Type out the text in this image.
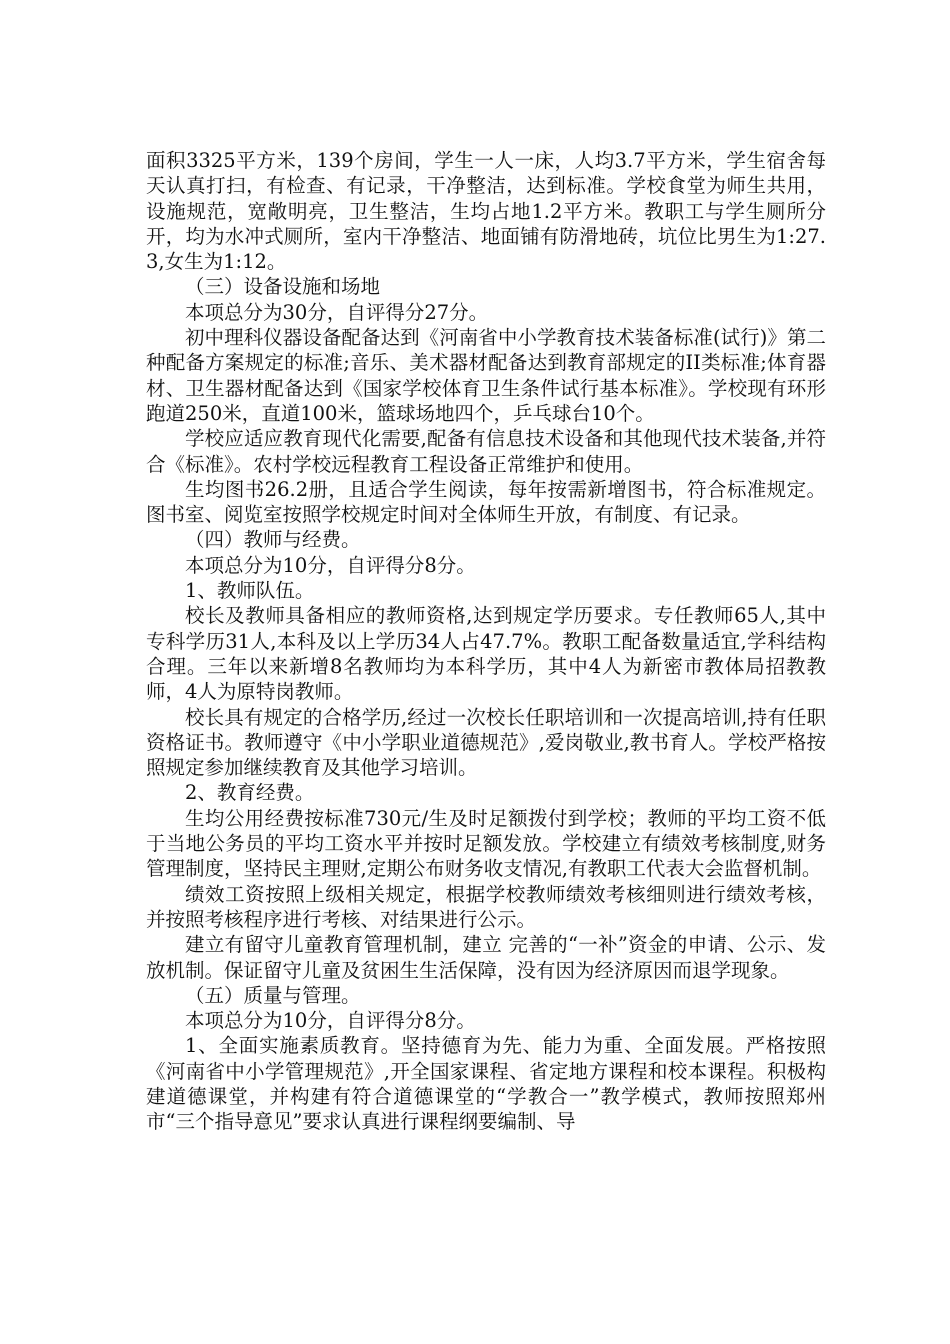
面积3325平方米，139个房间，学生一人一床，人均3.7平方米，学生宿舍每天认真打扫，有检查、有记录，干净整洁，达到标准。学校食堂为师生共用，设施规范，宽敞明亮，卫生整洁，生均占地1.2平方米。教职工与学生厕所分开，均为水冲式厕所，室内干净整洁、地面铺有防滑地砖，坑位比男生为1:27.3,女生为1:12。

（三）设备设施和场地

本项总分为30分，自评得分27分。

初中理科仪器设备配备达到《河南省中小学教育技术装备标准(试行)》第二种配备方案规定的标准;音乐、美术器材配备达到教育部规定的II类标准;体育器材、卫生器材配备达到《国家学校体育卫生条件试行基本标准》。学校现有环形跑道250米，直道100米，篮球场地四个，乒乓球台10个。

学校应适应教育现代化需要,配备有信息技术设备和其他现代技术装备,并符合《标准》。农村学校远程教育工程设备正常维护和使用。

生均图书26.2册，且适合学生阅读，每年按需新增图书，符合标准规定。图书室、阅览室按照学校规定时间对全体师生开放，有制度、有记录。

（四）教师与经费。

本项总分为10分，自评得分8分。

1、教师队伍。

校长及教师具备相应的教师资格,达到规定学历要求。专任教师65人,其中专科学历31人,本科及以上学历34人占47.7%。教职工配备数量适宜,学科结构合理。三年以来新增8名教师均为本科学历，其中4人为新密市教体局招教教师，4人为原特岗教师。

校长具有规定的合格学历,经过一次校长任职培训和一次提高培训,持有任职资格证书。教师遵守《中小学职业道德规范》,爱岗敬业,教书育人。学校严格按照规定参加继续教育及其他学习培训。

2、教育经费。

生均公用经费按标准730元/生及时足额拨付到学校；教师的平均工资不低于当地公务员的平均工资水平并按时足额发放。学校建立有绩效考核制度,财务管理制度，坚持民主理财,定期公布财务收支情况,有教职工代表大会监督机制。

绩效工资按照上级相关规定，根据学校教师绩效考核细则进行绩效考核，并按照考核程序进行考核、对结果进行公示。

建立有留守儿童教育管理机制，建立 完善的“一补”资金的申请、公示、发放机制。保证留守儿童及贫困生生活保障，没有因为经济原因而退学现象。

（五）质量与管理。

本项总分为10分，自评得分8分。

1、全面实施素质教育。坚持德育为先、能力为重、全面发展。严格按照《河南省中小学管理规范》,开全国家课程、省定地方课程和校本课程。积极构建道德课堂，并构建有符合道德课堂的“学教合一”教学模式，教师按照郑州市“三个指导意见”要求认真进行课程纲要编制、导
